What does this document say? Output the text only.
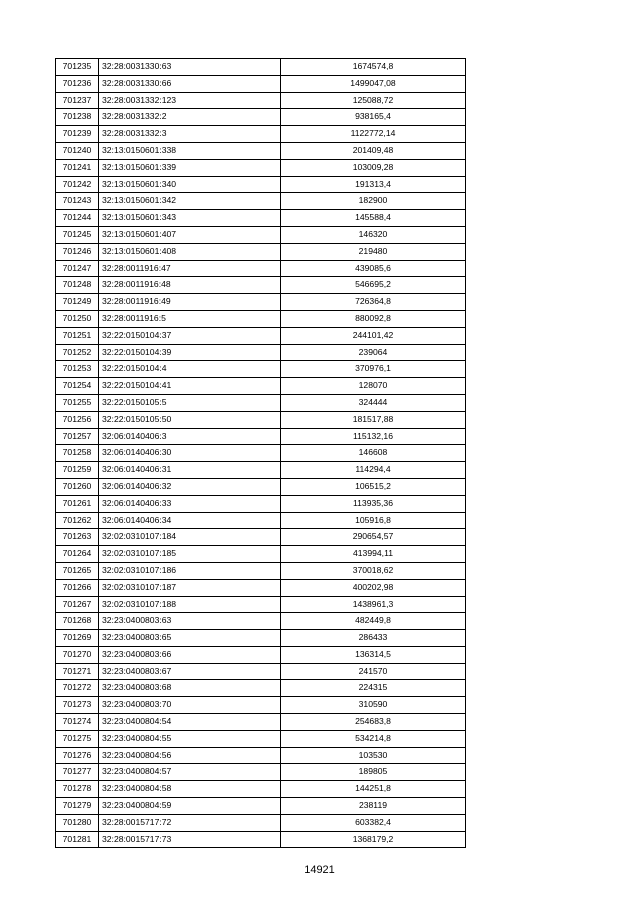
701235	32:28:0031330:63	1674574,8
701236	32:28:0031330:66	1499047,08
701237	32:28:0031332:123	125088,72
701238	32:28:0031332:2	938165,4
701239	32:28:0031332:3	1122772,14
701240	32:13:0150601:338	201409,48
701241	32:13:0150601:339	103009,28
701242	32:13:0150601:340	191313,4
701243	32:13:0150601:342	182900
701244	32:13:0150601:343	145588,4
701245	32:13:0150601:407	146320
701246	32:13:0150601:408	219480
701247	32:28:0011916:47	439085,6
701248	32:28:0011916:48	546695,2
701249	32:28:0011916:49	726364,8
701250	32:28:0011916:5	880092,8
701251	32:22:0150104:37	244101,42
701252	32:22:0150104:39	239064
701253	32:22:0150104:4	370976,1
701254	32:22:0150104:41	128070
701255	32:22:0150105:5	324444
701256	32:22:0150105:50	181517,88
701257	32:06:0140406:3	115132,16
701258	32:06:0140406:30	146608
701259	32:06:0140406:31	114294,4
701260	32:06:0140406:32	106515,2
701261	32:06:0140406:33	113935,36
701262	32:06:0140406:34	105916,8
701263	32:02:0310107:184	290654,57
701264	32:02:0310107:185	413994,11
701265	32:02:0310107:186	370018,62
701266	32:02:0310107:187	400202,98
701267	32:02:0310107:188	1438961,3
701268	32:23:0400803:63	482449,8
701269	32:23:0400803:65	286433
701270	32:23:0400803:66	136314,5
701271	32:23:0400803:67	241570
701272	32:23:0400803:68	224315
701273	32:23:0400803:70	310590
701274	32:23:0400804:54	254683,8
701275	32:23:0400804:55	534214,8
701276	32:23:0400804:56	103530
701277	32:23:0400804:57	189805
701278	32:23:0400804:58	144251,8
701279	32:23:0400804:59	238119
701280	32:28:0015717:72	603382,4
701281	32:28:0015717:73	1368179,2
14921
